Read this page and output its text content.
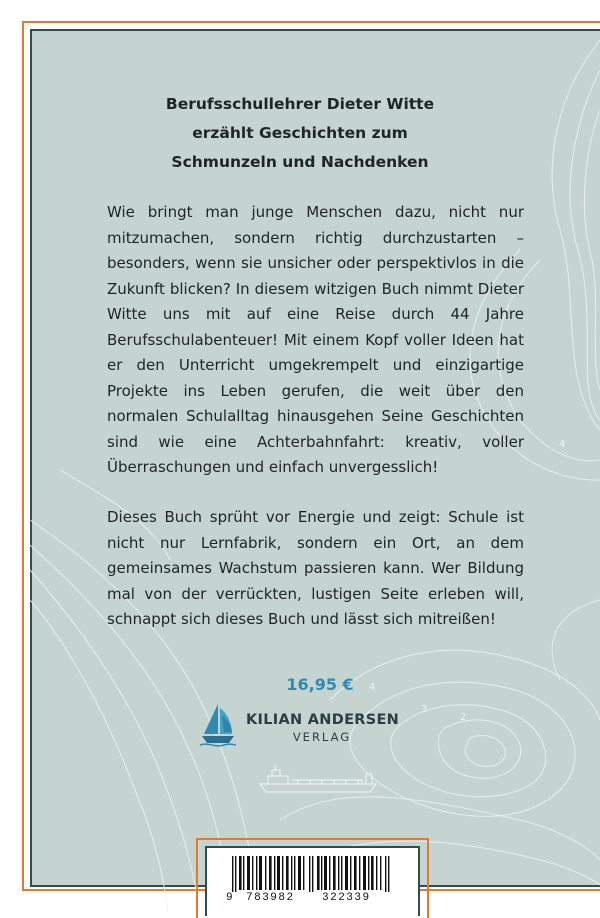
4
3
2
4

Berufsschullehrer Dieter Witte
erzählt Geschichten zum
Schmunzeln und Nachdenken

Wie bringt man junge Menschen dazu, nicht nur mitzumachen, sondern richtig durchzustarten – besonders, wenn sie unsicher oder perspektivlos in die Zukunft blicken? In diesem witzigen Buch nimmt Dieter Witte uns mit auf eine Reise durch 44 Jahre Berufsschulabenteuer! Mit einem Kopf voller Ideen hat er den Unterricht umgekrempelt und einzigartige Projekte ins Leben gerufen, die weit über den normalen Schulalltag hinausgehen Seine Geschichten sind wie eine Achterbahnfahrt: kreativ, voller Überraschungen und einfach unvergesslich!

Dieses Buch sprüht vor Energie und zeigt: Schule ist nicht nur Lernfabrik, sondern ein Ort, an dem gemeinsames Wachstum passieren kann. Wer Bildung mal von der verrückten, lustigen Seite erleben will, schnappt sich dieses Buch und lässt sich mitreißen!

16,95 €
KILIAN ANDERSEN
VERLAG
9 783982 322339
